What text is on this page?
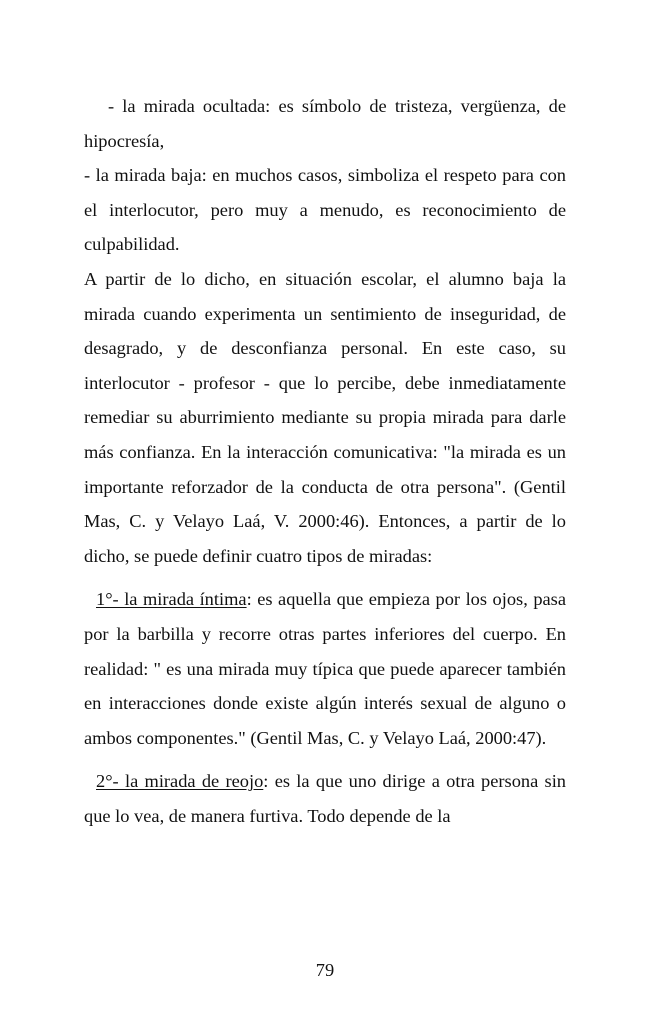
- la mirada ocultada: es símbolo de tristeza, vergüenza, de hipocresía,

- la mirada baja: en muchos casos, simboliza el respeto para con el interlocutor, pero muy a menudo, es reconocimiento de culpabilidad.

A partir de lo dicho, en situación escolar, el alumno baja la mirada cuando experimenta un sentimiento de inseguridad, de desagrado, y de desconfianza personal. En este caso, su interlocutor - profesor - que lo percibe, debe inmediatamente remediar su aburrimiento mediante su propia mirada para darle más confianza. En la interacción comunicativa: "la mirada es un importante reforzador de la conducta de otra persona". (Gentil Mas, C. y Velayo Laá, V. 2000:46). Entonces, a partir de lo dicho, se puede definir cuatro tipos de miradas:

1°- la mirada íntima: es aquella que empieza por los ojos, pasa por la barbilla y recorre otras partes inferiores del cuerpo. En realidad: " es una mirada muy típica que puede aparecer también en interacciones donde existe algún interés sexual de alguno o ambos componentes." (Gentil Mas, C. y Velayo Laá, 2000:47).

2°- la mirada de reojo: es la que uno dirige a otra persona sin que lo vea, de manera furtiva. Todo depende de la

79
